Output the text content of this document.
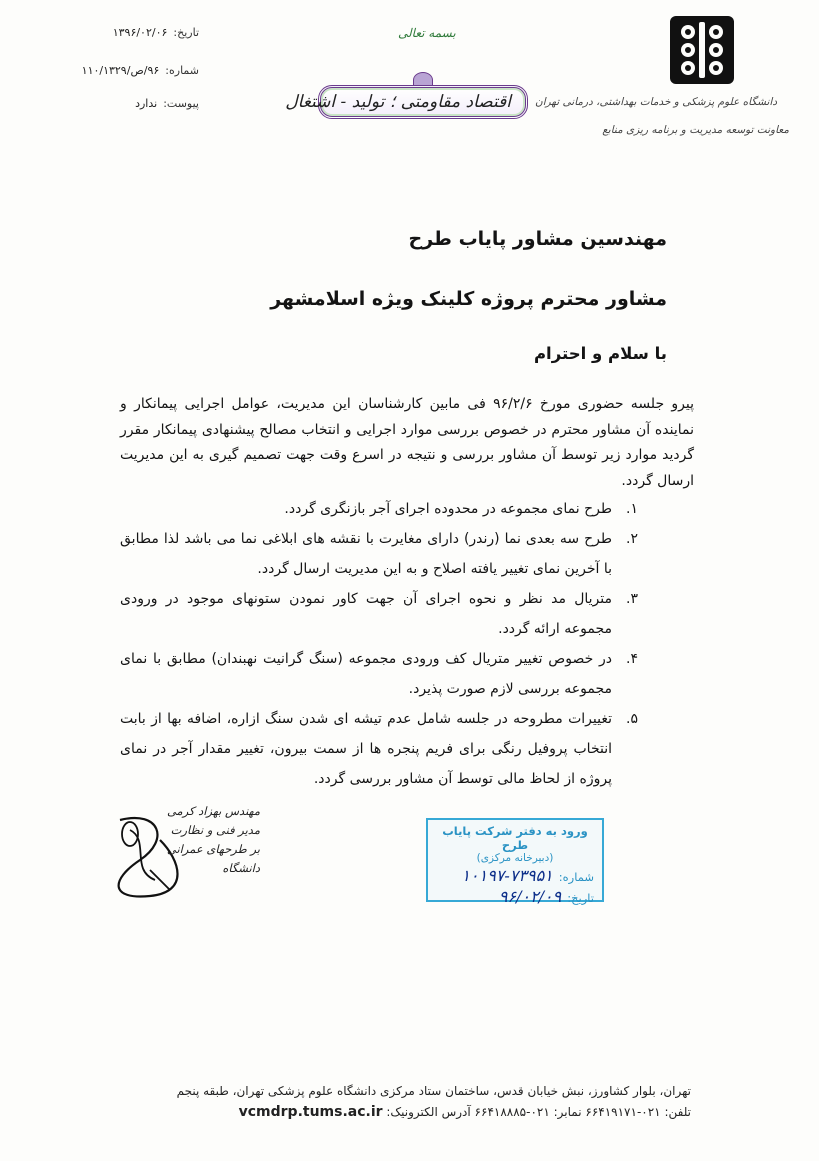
تاریخ:
۱۳۹۶/۰۲/۰۶
شماره:
۹۶/ص/۱۱۰/۱۳۲۹
پیوست:
ندارد
بسمه تعالی
اقتصاد مقاومتی ؛ تولید - اشتغال	دانشگاه علوم پزشکی و خدمات بهداشتی، درمانی تهران
معاونت توسعه مدیریت و برنامه ریزی منابع
مهندسین مشاور پایاب طرح
مشاور محترم پروژه کلینک ویژه اسلامشهر
با سلام و احترام
پیرو جلسه حضوری مورخ ۹۶/۲/۶ فی مابین کارشناسان این مدیریت، عوامل اجرایی پیمانکار و نماینده آن مشاور محترم در خصوص بررسی موارد اجرایی و انتخاب مصالح پیشنهادی پیمانکار مقرر گردید موارد زیر توسط آن مشاور بررسی و نتیجه در اسرع وقت جهت تصمیم گیری به این مدیریت ارسال گردد.
۱.
طرح نمای مجموعه در محدوده اجرای آجر بازنگری گردد.
۲.
طرح سه بعدی نما (رندر) دارای مغایرت با نقشه های ابلاغی نما می باشد لذا مطابق با آخرین نمای تغییر یافته اصلاح و به این مدیریت ارسال گردد.
۳.
متریال مد نظر و نحوه اجرای آن جهت کاور نمودن ستونهای موجود در ورودی مجموعه ارائه گردد.
۴.
در خصوص تغییر متریال کف ورودی مجموعه (سنگ گرانیت نهبندان) مطابق با نمای مجموعه بررسی لازم صورت پذیرد.
۵.
تغییرات مطروحه در جلسه شامل عدم تیشه ای شدن سنگ ازاره، اضافه بها از بابت انتخاب پروفیل رنگی برای فریم پنجره ها از سمت بیرون، تغییر مقدار آجر در نمای پروژه از لحاظ مالی توسط آن مشاور بررسی گردد.
مهندس بهزاد کرمی
مدیر فنی و نظارت
بر طرحهای عمرانی دانشگاه
ورود به دفتر شرکت پایاب طرح
(دبیرخانه مرکزی)
شماره:
۱۰۱۹۷-۷۳۹۵۱
تاریخ:
۹۶/۰۲/۰۹
تهران، بلوار کشاورز، نبش خیابان قدس، ساختمان ستاد مرکزی دانشگاه علوم پزشکی تهران، طبقه پنجم
تلفن: ۰۲۱-۶۶۴۱۹۱۷۱ نمابر: ۰۲۱-۶۶۴۱۸۸۸۵ آدرس الکترونیک: vcmdrp.tums.ac.ir
